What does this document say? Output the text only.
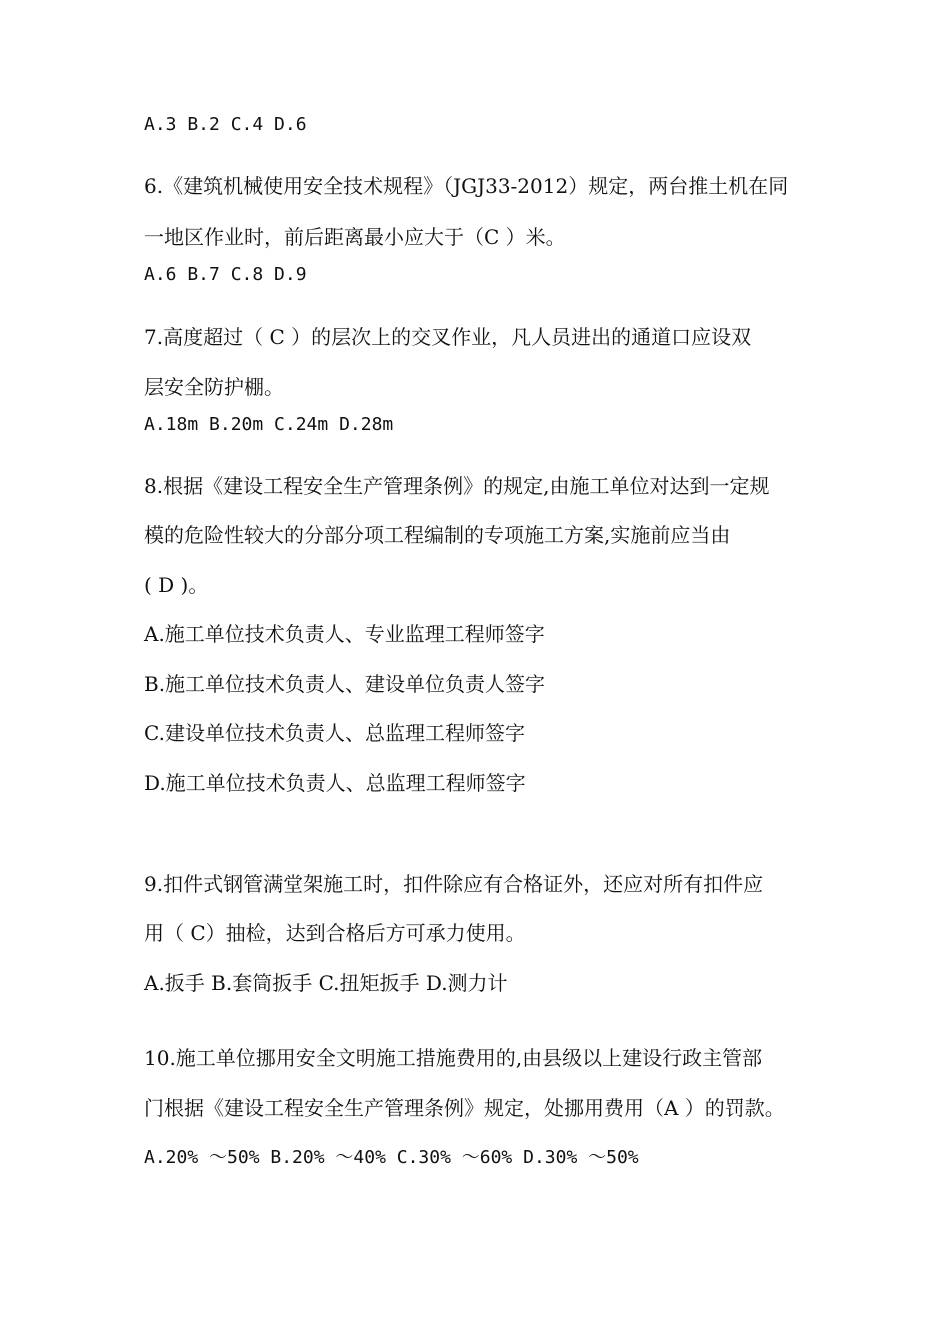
A.3 B.2 C.4 D.6
6.《建筑机械使用安全技术规程》（JGJ33-2012）规定，两台推土机在同
一地区作业时，前后距离最小应大于（C ）米。
A.6 B.7 C.8 D.9
7.高度超过（ C ）的层次上的交叉作业，凡人员进出的通道口应设双
层安全防护棚。
A.18m B.20m C.24m D.28m
8.根据《建设工程安全生产管理条例》的规定,由施工单位对达到一定规
模的危险性较大的分部分项工程编制的专项施工方案,实施前应当由
( D )。
A.施工单位技术负责人、专业监理工程师签字
B.施工单位技术负责人、建设单位负责人签字
C.建设单位技术负责人、总监理工程师签字
D.施工单位技术负责人、总监理工程师签字
9.扣件式钢管满堂架施工时，扣件除应有合格证外，还应对所有扣件应
用（ C）抽检，达到合格后方可承力使用。
A.扳手 B.套筒扳手 C.扭矩扳手 D.测力计
10.施工单位挪用安全文明施工措施费用的,由县级以上建设行政主管部
门根据《建设工程安全生产管理条例》规定，处挪用费用（A ）的罚款。
A.20% ～50% B.20% ～40% C.30% ～60% D.30% ～50%
